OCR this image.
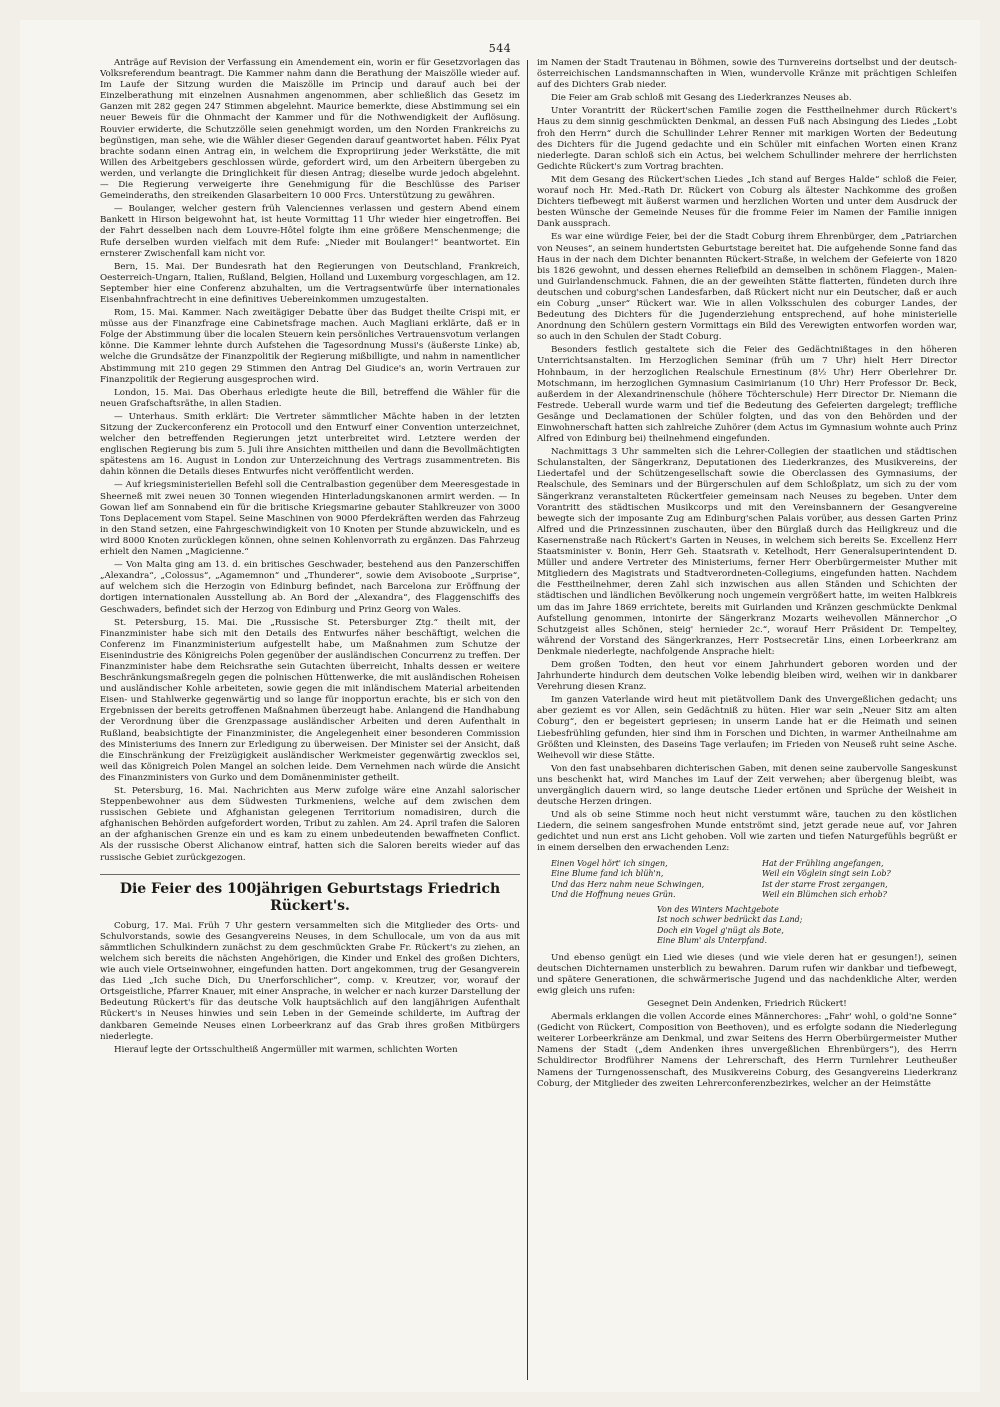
544

Anträge auf Revision der Verfassung ein Amendement ein, worin er für Gesetzvorlagen das Volksreferendum beantragt. Die Kammer nahm dann die Berathung der Maiszölle wieder auf. Im Laufe der Sitzung wurden die Maiszölle im Princip und darauf auch bei der Einzelberathung mit einzelnen Ausnahmen angenommen, aber schließlich das Gesetz im Ganzen mit 282 gegen 247 Stimmen abgelehnt. Maurice bemerkte, diese Abstimmung sei ein neuer Beweis für die Ohnmacht der Kammer und für die Nothwendigkeit der Auflösung. Rouvier erwiderte, die Schutzzölle seien genehmigt worden, um den Norden Frankreichs zu begünstigen, man sehe, wie die Wähler dieser Gegenden darauf geantwortet haben. Félix Pyat brachte sodann einen Antrag ein, in welchem die Expropriirung jeder Werkstätte, die mit Willen des Arbeitgebers geschlossen würde, gefordert wird, um den Arbeitern übergeben zu werden, und verlangte die Dringlichkeit für diesen Antrag; dieselbe wurde jedoch abgelehnt. — Die Regierung verweigerte ihre Genehmigung für die Beschlüsse des Pariser Gemeinderaths, den streikenden Glasarbeitern 10 000 Frcs. Unterstützung zu gewähren.

— Boulanger, welcher gestern früh Valenciennes verlassen und gestern Abend einem Bankett in Hirson beigewohnt hat, ist heute Vormittag 11 Uhr wieder hier eingetroffen. Bei der Fahrt desselben nach dem Louvre-Hôtel folgte ihm eine größere Menschenmenge; die Rufe derselben wurden vielfach mit dem Rufe: „Nieder mit Boulanger!“ beantwortet. Ein ernsterer Zwischenfall kam nicht vor.

Bern, 15. Mai. Der Bundesrath hat den Regierungen von Deutschland, Frankreich, Oesterreich-Ungarn, Italien, Rußland, Belgien, Holland und Luxemburg vorgeschlagen, am 12. September hier eine Conferenz abzuhalten, um die Vertragsentwürfe über internationales Eisenbahnfrachtrecht in eine definitives Uebereinkommen umzugestalten.

Rom, 15. Mai. Kammer. Nach zweitägiger Debatte über das Budget theilte Crispi mit, er müsse aus der Finanzfrage eine Cabinetsfrage machen. Auch Magliani erklärte, daß er in Folge der Abstimmung über die localen Steuern kein persönliches Vertrauensvotum verlangen könne. Die Kammer lehnte durch Aufstehen die Tagesordnung Mussi's (äußerste Linke) ab, welche die Grundsätze der Finanzpolitik der Regierung mißbilligte, und nahm in namentlicher Abstimmung mit 210 gegen 29 Stimmen den Antrag Del Giudice's an, worin Vertrauen zur Finanzpolitik der Regierung ausgesprochen wird.

London, 15. Mai. Das Oberhaus erledigte heute die Bill, betreffend die Wähler für die neuen Grafschaftsräthe, in allen Stadien.

— Unterhaus. Smith erklärt: Die Vertreter sämmtlicher Mächte haben in der letzten Sitzung der Zuckerconferenz ein Protocoll und den Entwurf einer Convention unterzeichnet, welcher den betreffenden Regierungen jetzt unterbreitet wird. Letztere werden der englischen Regierung bis zum 5. Juli ihre Ansichten mittheilen und dann die Bevollmächtigten spätestens am 16. August in London zur Unterzeichnung des Vertrags zusammentreten. Bis dahin können die Details dieses Entwurfes nicht veröffentlicht werden.

— Auf kriegsministeriellen Befehl soll die Centralbastion gegenüber dem Meeresgestade in Sheerneß mit zwei neuen 30 Tonnen wiegenden Hinterladungskanonen armirt werden. — In Gowan lief am Sonnabend ein für die britische Kriegsmarine gebauter Stahlkreuzer von 3000 Tons Deplacement vom Stapel. Seine Maschinen von 9000 Pferdekräften werden das Fahrzeug in den Stand setzen, eine Fahrgeschwindigkeit von 10 Knoten per Stunde abzuwickeln, und es wird 8000 Knoten zurücklegen können, ohne seinen Kohlenvorrath zu ergänzen. Das Fahrzeug erhielt den Namen „Magicienne.“

— Von Malta ging am 13. d. ein britisches Geschwader, bestehend aus den Panzerschiffen „Alexandra“, „Colossus“, „Agamemnon“ und „Thunderer“, sowie dem Avisoboote „Surprise“, auf welchem sich die Herzogin von Edinburg befindet, nach Barcelona zur Eröffnung der dortigen internationalen Ausstellung ab. An Bord der „Alexandra“, des Flaggenschiffs des Geschwaders, befindet sich der Herzog von Edinburg und Prinz Georg von Wales.

St. Petersburg, 15. Mai. Die „Russische St. Petersburger Ztg.“ theilt mit, der Finanzminister habe sich mit den Details des Entwurfes näher beschäftigt, welchen die Conferenz im Finanzministerium aufgestellt habe, um Maßnahmen zum Schutze der Eisenindustrie des Königreichs Polen gegenüber der ausländischen Concurrenz zu treffen. Der Finanzminister habe dem Reichsrathe sein Gutachten überreicht, Inhalts dessen er weitere Beschränkungsmaßregeln gegen die polnischen Hüttenwerke, die mit ausländischen Roheisen und ausländischer Kohle arbeiteten, sowie gegen die mit inländischem Material arbeitenden Eisen- und Stahlwerke gegenwärtig und so lange für inopportun erachte, bis er sich von den Ergebnissen der bereits getroffenen Maßnahmen überzeugt habe. Anlangend die Handhabung der Verordnung über die Grenzpassage ausländischer Arbeiten und deren Aufenthalt in Rußland, beabsichtigte der Finanzminister, die Angelegenheit einer besonderen Commission des Ministeriums des Innern zur Erledigung zu überweisen. Der Minister sei der Ansicht, daß die Einschränkung der Freizügigkeit ausländischer Werkmeister gegenwärtig zwecklos sei, weil das Königreich Polen Mangel an solchen leide. Dem Vernehmen nach würde die Ansicht des Finanzministers von Gurko und dem Domänenminister getheilt.

St. Petersburg, 16. Mai. Nachrichten aus Merw zufolge wäre eine Anzahl salorischer Steppenbewohner aus dem Südwesten Turkmeniens, welche auf dem zwischen dem russischen Gebiete und Afghanistan gelegenen Territorium nomadisiren, durch die afghanischen Behörden aufgefordert worden, Tribut zu zahlen. Am 24. April trafen die Saloren an der afghanischen Grenze ein und es kam zu einem unbedeutenden bewaffneten Conflict. Als der russische Oberst Alichanow eintraf, hatten sich die Saloren bereits wieder auf das russische Gebiet zurückgezogen.

Die Feier des 100jährigen Geburtstags Friedrich Rückert's.

Coburg, 17. Mai. Früh 7 Uhr gestern versammelten sich die Mitglieder des Orts- und Schulvorstands, sowie des Gesangvereins Neuses, in dem Schullocale, um von da aus mit sämmtlichen Schulkindern zunächst zu dem geschmückten Grabe Fr. Rückert's zu ziehen, an welchem sich bereits die nächsten Angehörigen, die Kinder und Enkel des großen Dichters, wie auch viele Ortseinwohner, eingefunden hatten. Dort angekommen, trug der Gesangverein das Lied „Ich suche Dich, Du Unerforschlicher“, comp. v. Kreutzer, vor, worauf der Ortsgeistliche, Pfarrer Knauer, mit einer Ansprache, in welcher er nach kurzer Darstellung der Bedeutung Rückert's für das deutsche Volk hauptsächlich auf den langjährigen Aufenthalt Rückert's in Neuses hinwies und sein Leben in der Gemeinde schilderte, im Auftrag der dankbaren Gemeinde Neuses einen Lorbeerkranz auf das Grab ihres großen Mitbürgers niederlegte.

Hierauf legte der Ortsschultheiß Angermüller mit warmen, schlichten Worten

im Namen der Stadt Trautenau in Böhmen, sowie des Turnvereins dortselbst und der deutsch-österreichischen Landsmannschaften in Wien, wundervolle Kränze mit prächtigen Schleifen auf des Dichters Grab nieder.

Die Feier am Grab schloß mit Gesang des Liederkranzes Neuses ab.

Unter Vorantritt der Rückert'schen Familie zogen die Festtheilnehmer durch Rückert's Haus zu dem sinnig geschmückten Denkmal, an dessen Fuß nach Absingung des Liedes „Lobt froh den Herrn“ durch die Schullinder Lehrer Renner mit markigen Worten der Bedeutung des Dichters für die Jugend gedachte und ein Schüler mit einfachen Worten einen Kranz niederlegte. Daran schloß sich ein Actus, bei welchem Schullinder mehrere der herrlichsten Gedichte Rückert's zum Vortrag brachten.

Mit dem Gesang des Rückert'schen Liedes „Ich stand auf Berges Halde“ schloß die Feier, worauf noch Hr. Med.-Rath Dr. Rückert von Coburg als ältester Nachkomme des großen Dichters tiefbewegt mit äußerst warmen und herzlichen Worten und unter dem Ausdruck der besten Wünsche der Gemeinde Neuses für die fromme Feier im Namen der Familie innigen Dank aussprach.

Es war eine würdige Feier, bei der die Stadt Coburg ihrem Ehrenbürger, dem „Patriarchen von Neuses“, an seinem hundertsten Geburtstage bereitet hat. Die aufgehende Sonne fand das Haus in der nach dem Dichter benannten Rückert-Straße, in welchem der Gefeierte von 1820 bis 1826 gewohnt, und dessen ehernes Reliefbild an demselben in schönem Flaggen-, Maien- und Guirlandenschmuck. Fahnen, die an der geweihten Stätte flatterten, fündeten durch ihre deutschen und coburg'schen Landesfarben, daß Rückert nicht nur ein Deutscher, daß er auch ein Coburg „unser“ Rückert war. Wie in allen Volksschulen des coburger Landes, der Bedeutung des Dichters für die Jugenderziehung entsprechend, auf hohe ministerielle Anordnung den Schülern gestern Vormittags ein Bild des Verewigten entworfen worden war, so auch in den Schulen der Stadt Coburg.

Besonders festlich gestaltete sich die Feier des Gedächtnißtages in den höheren Unterrichtsanstalten. Im Herzoglichen Seminar (früh um 7 Uhr) hielt Herr Director Hohnbaum, in der herzoglichen Realschule Ernestinum (8½ Uhr) Herr Oberlehrer Dr. Motschmann, im herzoglichen Gymnasium Casimirianum (10 Uhr) Herr Professor Dr. Beck, außerdem in der Alexandrinenschule (höhere Töchterschule) Herr Director Dr. Niemann die Festrede. Ueberall wurde warm und tief die Bedeutung des Gefeierten dargelegt; treffliche Gesänge und Declamationen der Schüler folgten, und das von den Behörden und der Einwohnerschaft hatten sich zahlreiche Zuhörer (dem Actus im Gymnasium wohnte auch Prinz Alfred von Edinburg bei) theilnehmend eingefunden.

Nachmittags 3 Uhr sammelten sich die Lehrer-Collegien der staatlichen und städtischen Schulanstalten, der Sängerkranz, Deputationen des Liederkranzes, des Musikvereins, der Liedertafel und der Schützengesellschaft sowie die Oberclassen des Gymnasiums, der Realschule, des Seminars und der Bürgerschulen auf dem Schloßplatz, um sich zu der vom Sängerkranz veranstalteten Rückertfeier gemeinsam nach Neuses zu begeben. Unter dem Vorantritt des städtischen Musikcorps und mit den Vereinsbannern der Gesangvereine bewegte sich der imposante Zug am Edinburg'schen Palais vorüber, aus dessen Garten Prinz Alfred und die Prinzessinnen zuschauten, über den Bürglaß durch das Heiligkreuz und die Kasernenstraße nach Rückert's Garten in Neuses, in welchem sich bereits Se. Excellenz Herr Staatsminister v. Bonin, Herr Geh. Staatsrath v. Ketelhodt, Herr Generalsuperintendent D. Müller und andere Vertreter des Ministeriums, ferner Herr Oberbürgermeister Muther mit Mitgliedern des Magistrats und Stadtverordneten-Collegiums, eingefunden hatten. Nachdem die Festtheilnehmer, deren Zahl sich inzwischen aus allen Ständen und Schichten der städtischen und ländlichen Bevölkerung noch ungemein vergrößert hatte, im weiten Halbkreis um das im Jahre 1869 errichtete, bereits mit Guirlanden und Kränzen geschmückte Denkmal Aufstellung genommen, intonirte der Sängerkranz Mozarts weihevollen Männerchor „O Schutzgeist alles Schönen, steig' hernieder 2c.“, worauf Herr Präsident Dr. Tempeltey, während der Vorstand des Sängerkranzes, Herr Postsecretär Lins, einen Lorbeerkranz am Denkmale niederlegte, nachfolgende Ansprache hielt:

Dem großen Todten, den heut vor einem Jahrhundert geboren worden und der Jahrhunderte hindurch dem deutschen Volke lebendig bleiben wird, weihen wir in dankbarer Verehrung diesen Kranz.

Im ganzen Vaterlande wird heut mit pietätvollem Dank des Unvergeßlichen gedacht; uns aber geziemt es vor Allen, sein Gedächtniß zu hüten. Hier war sein „Neuer Sitz am alten Coburg“, den er begeistert gepriesen; in unserm Lande hat er die Heimath und seinen Liebesfrühling gefunden, hier sind ihm in Forschen und Dichten, in warmer Antheilnahme am Größten und Kleinsten, des Daseins Tage verlaufen; im Frieden von Neuseß ruht seine Asche. Weihevoll wir diese Stätte.

Von den fast unabsehbaren dichterischen Gaben, mit denen seine zaubervolle Sangeskunst uns beschenkt hat, wird Manches im Lauf der Zeit verwehen; aber übergenug bleibt, was unvergänglich dauern wird, so lange deutsche Lieder ertönen und Sprüche der Weisheit in deutsche Herzen dringen.

Und als ob seine Stimme noch heut nicht verstummt wäre, tauchen zu den köstlichen Liedern, die seinem sangesfrohen Munde entströmt sind, jetzt gerade neue auf, vor Jahren gedichtet und nun erst ans Licht gehoben. Voll wie zarten und tiefen Naturgefühls begrüßt er in einem derselben den erwachenden Lenz:

Einen Vogel hört' ich singen,	Hat der Frühling angefangen,
Eine Blume fand ich blüh'n,	Weil ein Vöglein singt sein Lob?
Und das Herz nahm neue Schwingen,	Ist der starre Frost zergangen,
Und die Hoffnung neues Grün.	Weil ein Blümchen sich erhob?
Von des Winters Machtgebote
Ist noch schwer bedrückt das Land;
Doch ein Vogel g'nügt als Bote,
Eine Blum' als Unterpfand.

Und ebenso genügt ein Lied wie dieses (und wie viele deren hat er gesungen!), seinen deutschen Dichternamen unsterblich zu bewahren. Darum rufen wir dankbar und tiefbewegt, und spätere Generationen, die schwärmerische Jugend und das nachdenkliche Alter, werden ewig gleich uns rufen:

Gesegnet Dein Andenken, Friedrich Rückert!

Abermals erklangen die vollen Accorde eines Männerchores: „Fahr' wohl, o gold'ne Sonne“ (Gedicht von Rückert, Composition von Beethoven), und es erfolgte sodann die Niederlegung weiterer Lorbeerkränze am Denkmal, und zwar Seitens des Herrn Oberbürgermeister Muther Namens der Stadt („dem Andenken ihres unvergeßlichen Ehrenbürgers“), des Herrn Schuldirector Brodführer Namens der Lehrerschaft, des Herrn Turnlehrer Leutheußer Namens der Turngenossenschaft, des Musikvereins Coburg, des Gesangvereins Liederkranz Coburg, der Mitglieder des zweiten Lehrerconferenzbezirkes, welcher an der Heimstätte
